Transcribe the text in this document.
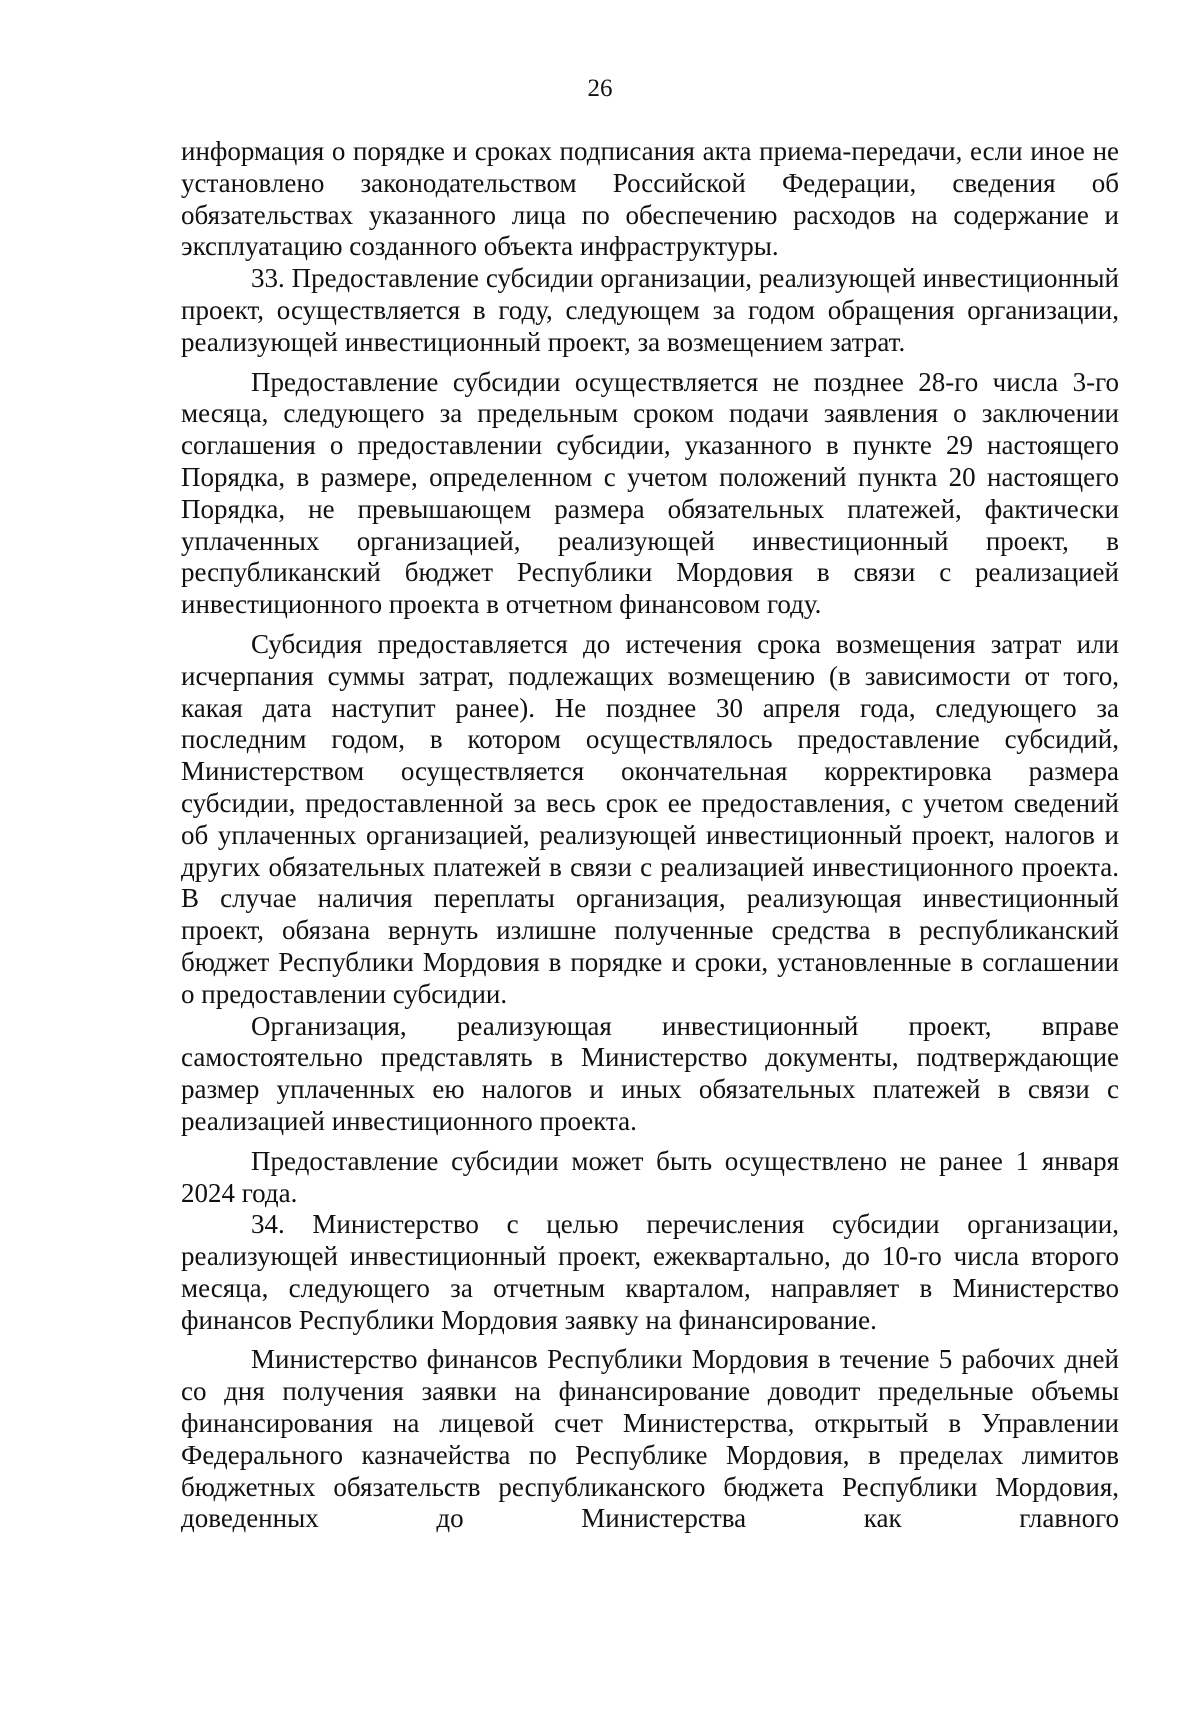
26

информация о порядке и сроках подписания акта приема-передачи, если иное не установлено законодательством Российской Федерации, сведения об обязательствах указанного лица по обеспечению расходов на содержание и эксплуатацию созданного объекта инфраструктуры.

33. Предоставление субсидии организации, реализующей инвестиционный проект, осуществляется в году, следующем за годом обращения организации, реализующей инвестиционный проект, за возмещением затрат.

Предоставление субсидии осуществляется не позднее 28-го числа 3-го месяца, следующего за предельным сроком подачи заявления о заключении соглашения о предоставлении субсидии, указанного в пункте 29 настоящего Порядка, в размере, определенном с учетом положений пункта 20 настоящего Порядка, не превышающем размера обязательных платежей, фактически уплаченных организацией, реализующей инвестиционный проект, в республиканский бюджет Республики Мордовия в связи с реализацией инвестиционного проекта в отчетном финансовом году.

Субсидия предоставляется до истечения срока возмещения затрат или исчерпания суммы затрат, подлежащих возмещению (в зависимости от того, какая дата наступит ранее). Не позднее 30 апреля года, следующего за последним годом, в котором осуществлялось предоставление субсидий, Министерством осуществляется окончательная корректировка размера субсидии, предоставленной за весь срок ее предоставления, с учетом сведений об уплаченных организацией, реализующей инвестиционный проект, налогов и других обязательных платежей в связи с реализацией инвестиционного проекта. В случае наличия переплаты организация, реализующая инвестиционный проект, обязана вернуть излишне полученные средства в республиканский бюджет Республики Мордовия в порядке и сроки, установленные в соглашении о предоставлении субсидии.

Организация, реализующая инвестиционный проект, вправе самостоятельно представлять в Министерство документы, подтверждающие размер уплаченных ею налогов и иных обязательных платежей в связи с реализацией инвестиционного проекта.

Предоставление субсидии может быть осуществлено не ранее 1 января 2024 года.

34. Министерство с целью перечисления субсидии организации, реализующей инвестиционный проект, ежеквартально, до 10-го числа второго месяца, следующего за отчетным кварталом, направляет в Министерство финансов Республики Мордовия заявку на финансирование.

Министерство финансов Республики Мордовия в течение 5 рабочих дней со дня получения заявки на финансирование доводит предельные объемы финансирования на лицевой счет Министерства, открытый в Управлении Федерального казначейства по Республике Мордовия, в пределах лимитов бюджетных обязательств республиканского бюджета Республики Мордовия, доведенных до Министерства как главного
